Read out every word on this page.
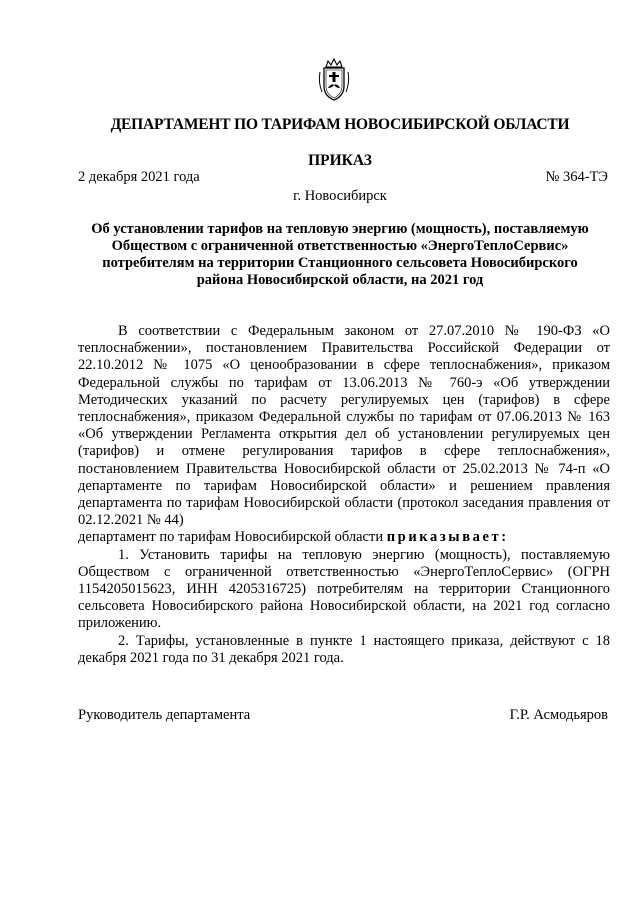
ДЕПАРТАМЕНТ ПО ТАРИФАМ НОВОСИБИРСКОЙ ОБЛАСТИ
ПРИКАЗ
2 декабря 2021 года	№ 364-ТЭ
г. Новосибирск
Об установлении тарифов на тепловую энергию (мощность), поставляемую Обществом с ограниченной ответственностью «ЭнергоТеплоСервис» потребителям на территории Станционного сельсовета Новосибирского района Новосибирской области, на 2021 год

В соответствии с Федеральным законом от 27.07.2010 № 190-ФЗ «О теплоснабжении», постановлением Правительства Российской Федерации от 22.10.2012 № 1075 «О ценообразовании в сфере теплоснабжения», приказом Федеральной службы по тарифам от 13.06.2013 № 760-э «Об утверждении Методических указаний по расчету регулируемых цен (тарифов) в сфере теплоснабжения», приказом Федеральной службы по тарифам от 07.06.2013 № 163 «Об утверждении Регламента открытия дел об установлении регулируемых цен (тарифов) и отмене регулирования тарифов в сфере теплоснабжения», постановлением Правительства Новосибирской области от 25.02.2013 № 74-п «О департаменте по тарифам Новосибирской области» и решением правления департамента по тарифам Новосибирской области (протокол заседания правления от 02.12.2021 № 44)

департамент по тарифам Новосибирской области приказывает:

1. Установить тарифы на тепловую энергию (мощность), поставляемую Обществом с ограниченной ответственностью «ЭнергоТеплоСервис» (ОГРН 1154205015623, ИНН 4205316725) потребителям на территории Станционного сельсовета Новосибирского района Новосибирской области, на 2021 год согласно приложению.

2. Тарифы, установленные в пункте 1 настоящего приказа, действуют с 18 декабря 2021 года по 31 декабря 2021 года.

Руководитель департамента	Г.Р. Асмодьяров
